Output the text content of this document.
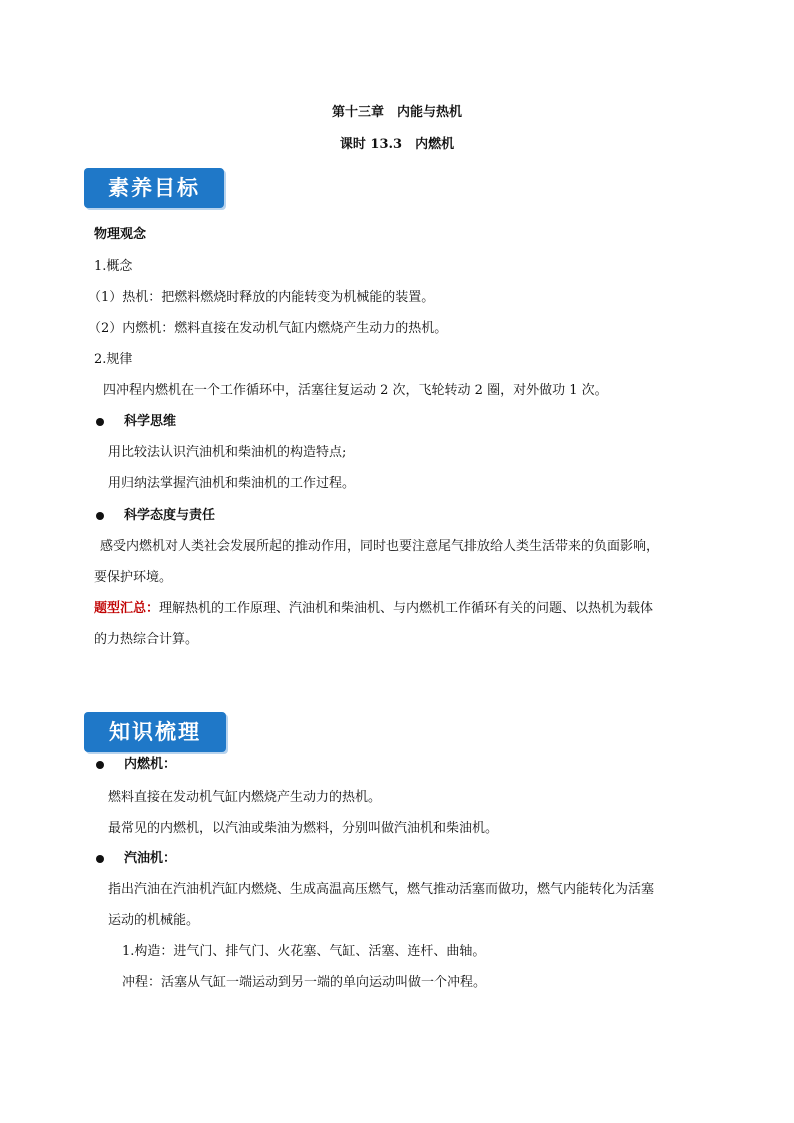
第十三章　内能与热机
课时 13.3　内燃机
素养目标
物理观念
1.概念
（1）热机：把燃料燃烧时释放的内能转变为机械能的装置。
（2）内燃机：燃料直接在发动机气缸内燃烧产生动力的热机。
2.规律
四冲程内燃机在一个工作循环中，活塞往复运动 2 次，飞轮转动 2 圈，对外做功 1 次。
科学思维
用比较法认识汽油机和柴油机的构造特点;
用归纳法掌握汽油机和柴油机的工作过程。
科学态度与责任
感受内燃机对人类社会发展所起的推动作用，同时也要注意尾气排放给人类生活带来的负面影响，
要保护环境。
题型汇总：理解热机的工作原理、汽油机和柴油机、与内燃机工作循环有关的问题、以热机为载体
的力热综合计算。
知识梳理
内燃机：
燃料直接在发动机气缸内燃烧产生动力的热机。
最常见的内燃机，以汽油或柴油为燃料，分别叫做汽油机和柴油机。
汽油机：
指出汽油在汽油机汽缸内燃烧、生成高温高压燃气，燃气推动活塞而做功，燃气内能转化为活塞
运动的机械能。
1.构造：进气门、排气门、火花塞、气缸、活塞、连杆、曲轴。
冲程：活塞从气缸一端运动到另一端的单向运动叫做一个冲程。
